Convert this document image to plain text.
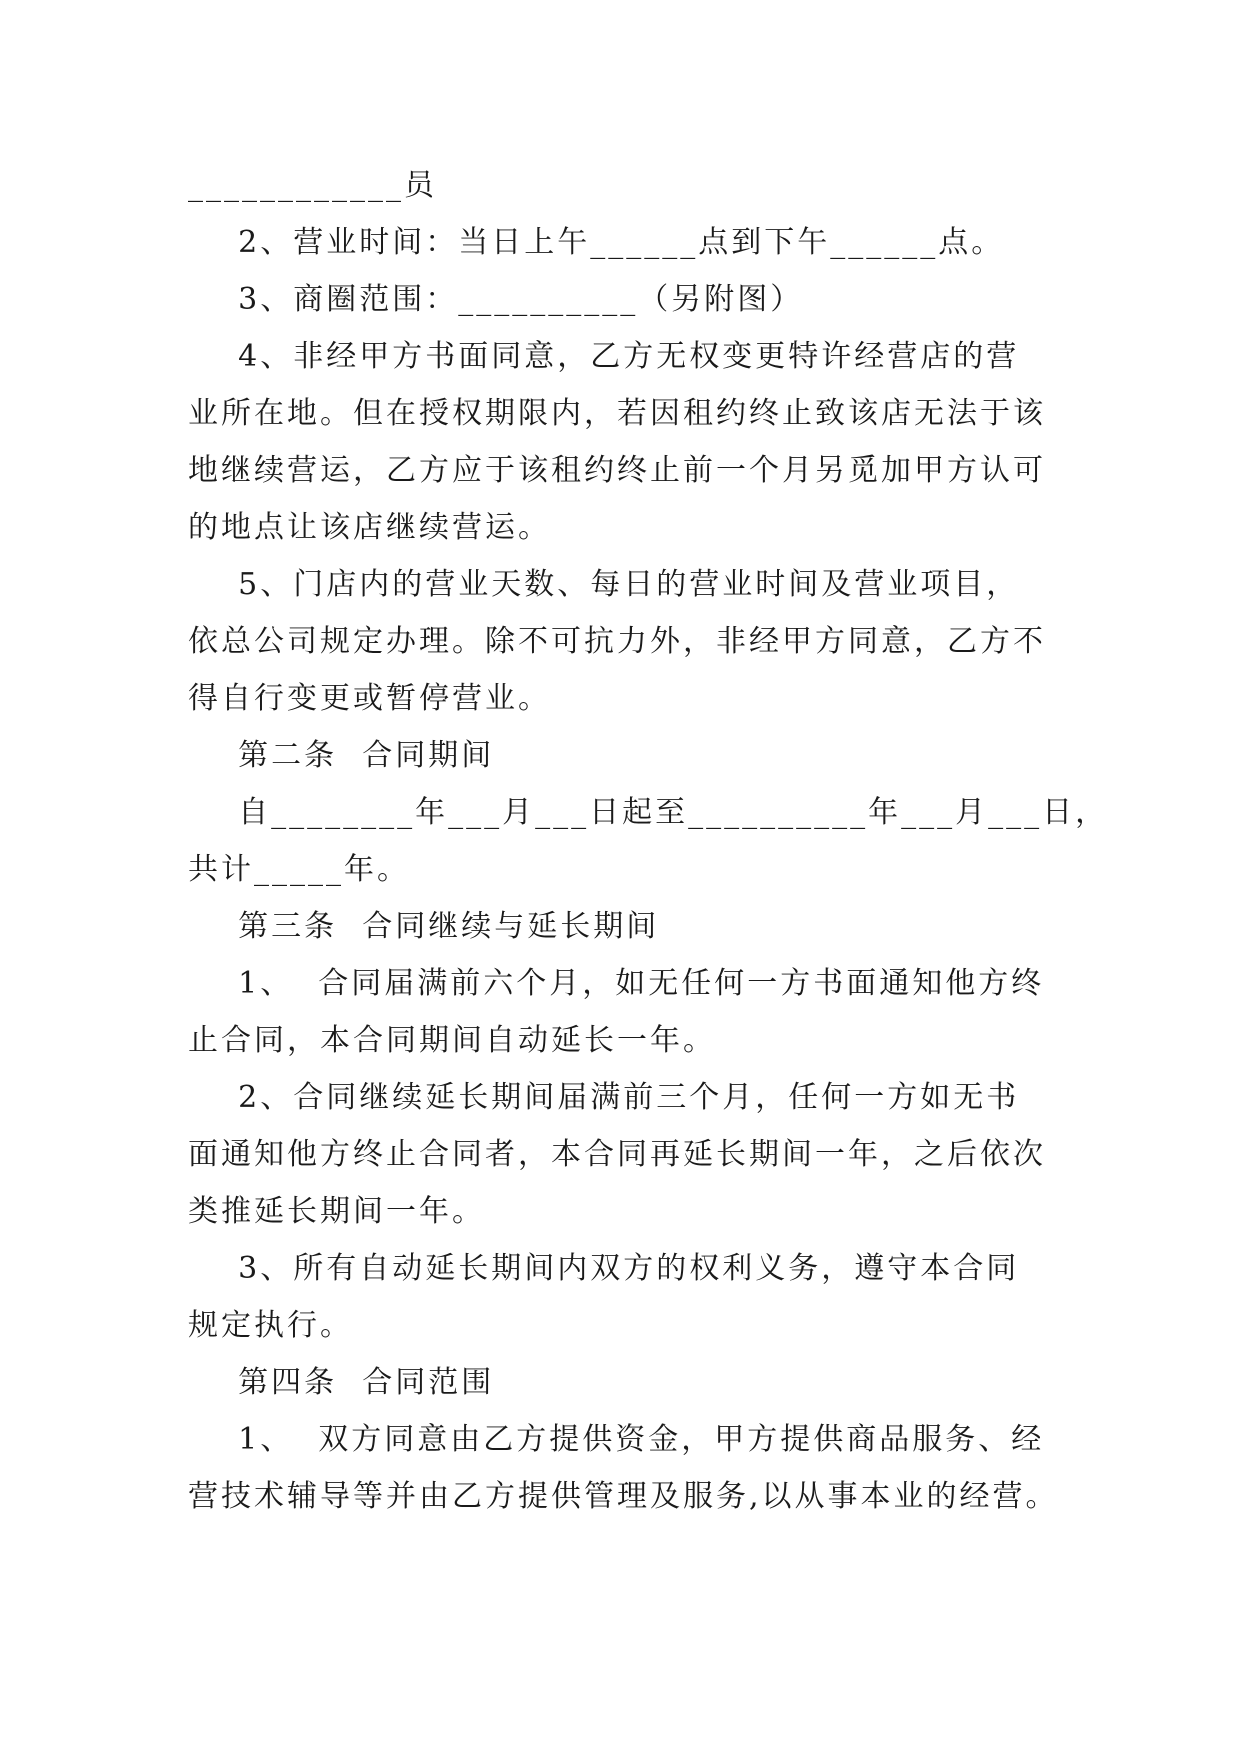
____________员
2、营业时间：当日上午______点到下午______点。
3、商圈范围：__________（另附图）
4、非经甲方书面同意，乙方无权变更特许经营店的营
业所在地。但在授权期限内，若因租约终止致该店无法于该
地继续营运，乙方应于该租约终止前一个月另觅加甲方认可
的地点让该店继续营运。
5、门店内的营业天数、每日的营业时间及营业项目，
依总公司规定办理。除不可抗力外，非经甲方同意，乙方不
得自行变更或暂停营业。
第二条  合同期间
自________年___月___日起至__________年___月___日，
共计_____年。
第三条  合同继续与延长期间
1、  合同届满前六个月，如无任何一方书面通知他方终
止合同，本合同期间自动延长一年。
2、合同继续延长期间届满前三个月，任何一方如无书
面通知他方终止合同者，本合同再延长期间一年，之后依次
类推延长期间一年。
3、所有自动延长期间内双方的权利义务，遵守本合同
规定执行。
第四条  合同范围
1、  双方同意由乙方提供资金，甲方提供商品服务、经
营技术辅导等并由乙方提供管理及服务,以从事本业的经营。
